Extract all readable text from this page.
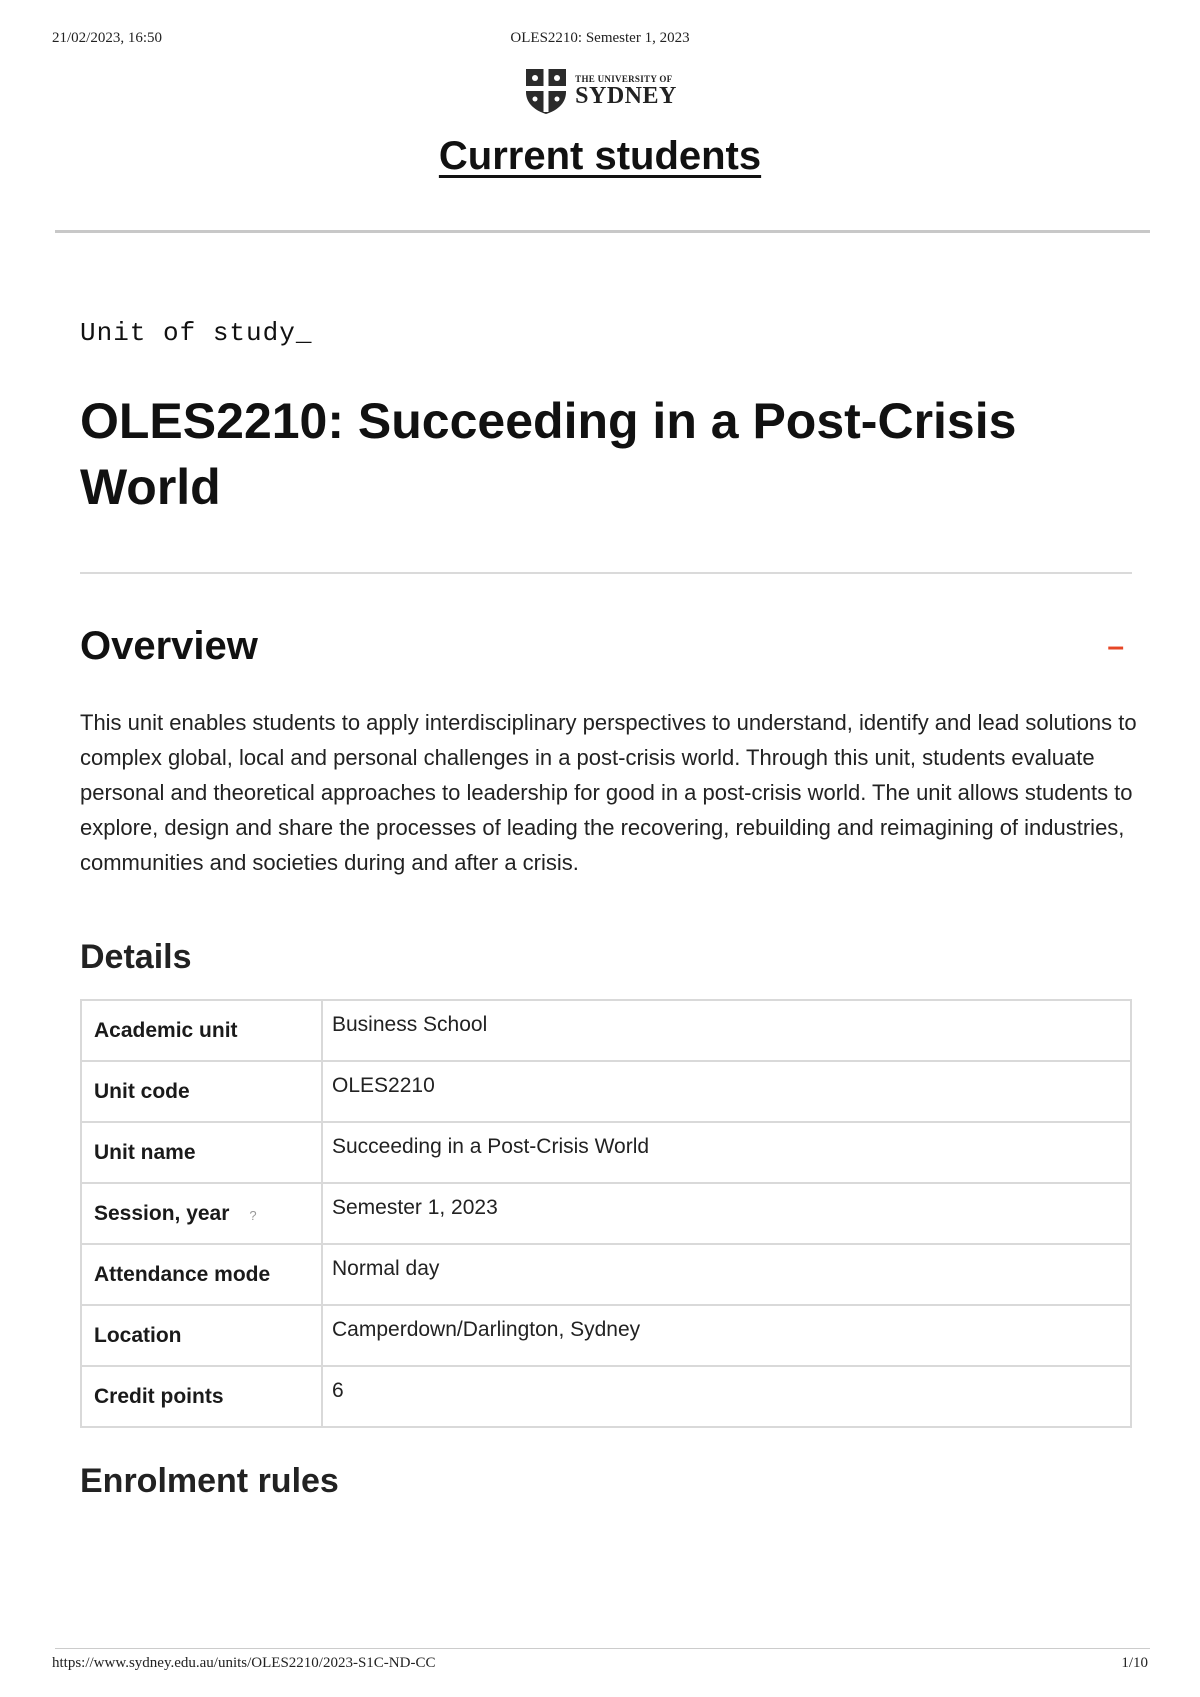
21/02/2023, 16:50	OLES2210: Semester 1, 2023
THE UNIVERSITY OF
SYDNEY
Current students
Unit of study_
OLES2210: Succeeding in a Post-Crisis World
Overview	–

This unit enables students to apply interdisciplinary perspectives to understand, identify and lead solutions to complex global, local and personal challenges in a post-crisis world. Through this unit, students evaluate personal and theoretical approaches to leadership for good in a post-crisis world. The unit allows students to explore, design and share the processes of leading the recovering, rebuilding and reimagining of industries, communities and societies during and after a crisis.

Details
Academic unit	Business School
Unit code	OLES2210
Unit name	Succeeding in a Post-Crisis World
Session, year ?	Semester 1, 2023
Attendance mode	Normal day
Location	Camperdown/Darlington, Sydney
Credit points	6
Enrolment rules
https://www.sydney.edu.au/units/OLES2210/2023-S1C-ND-CC	1/10
